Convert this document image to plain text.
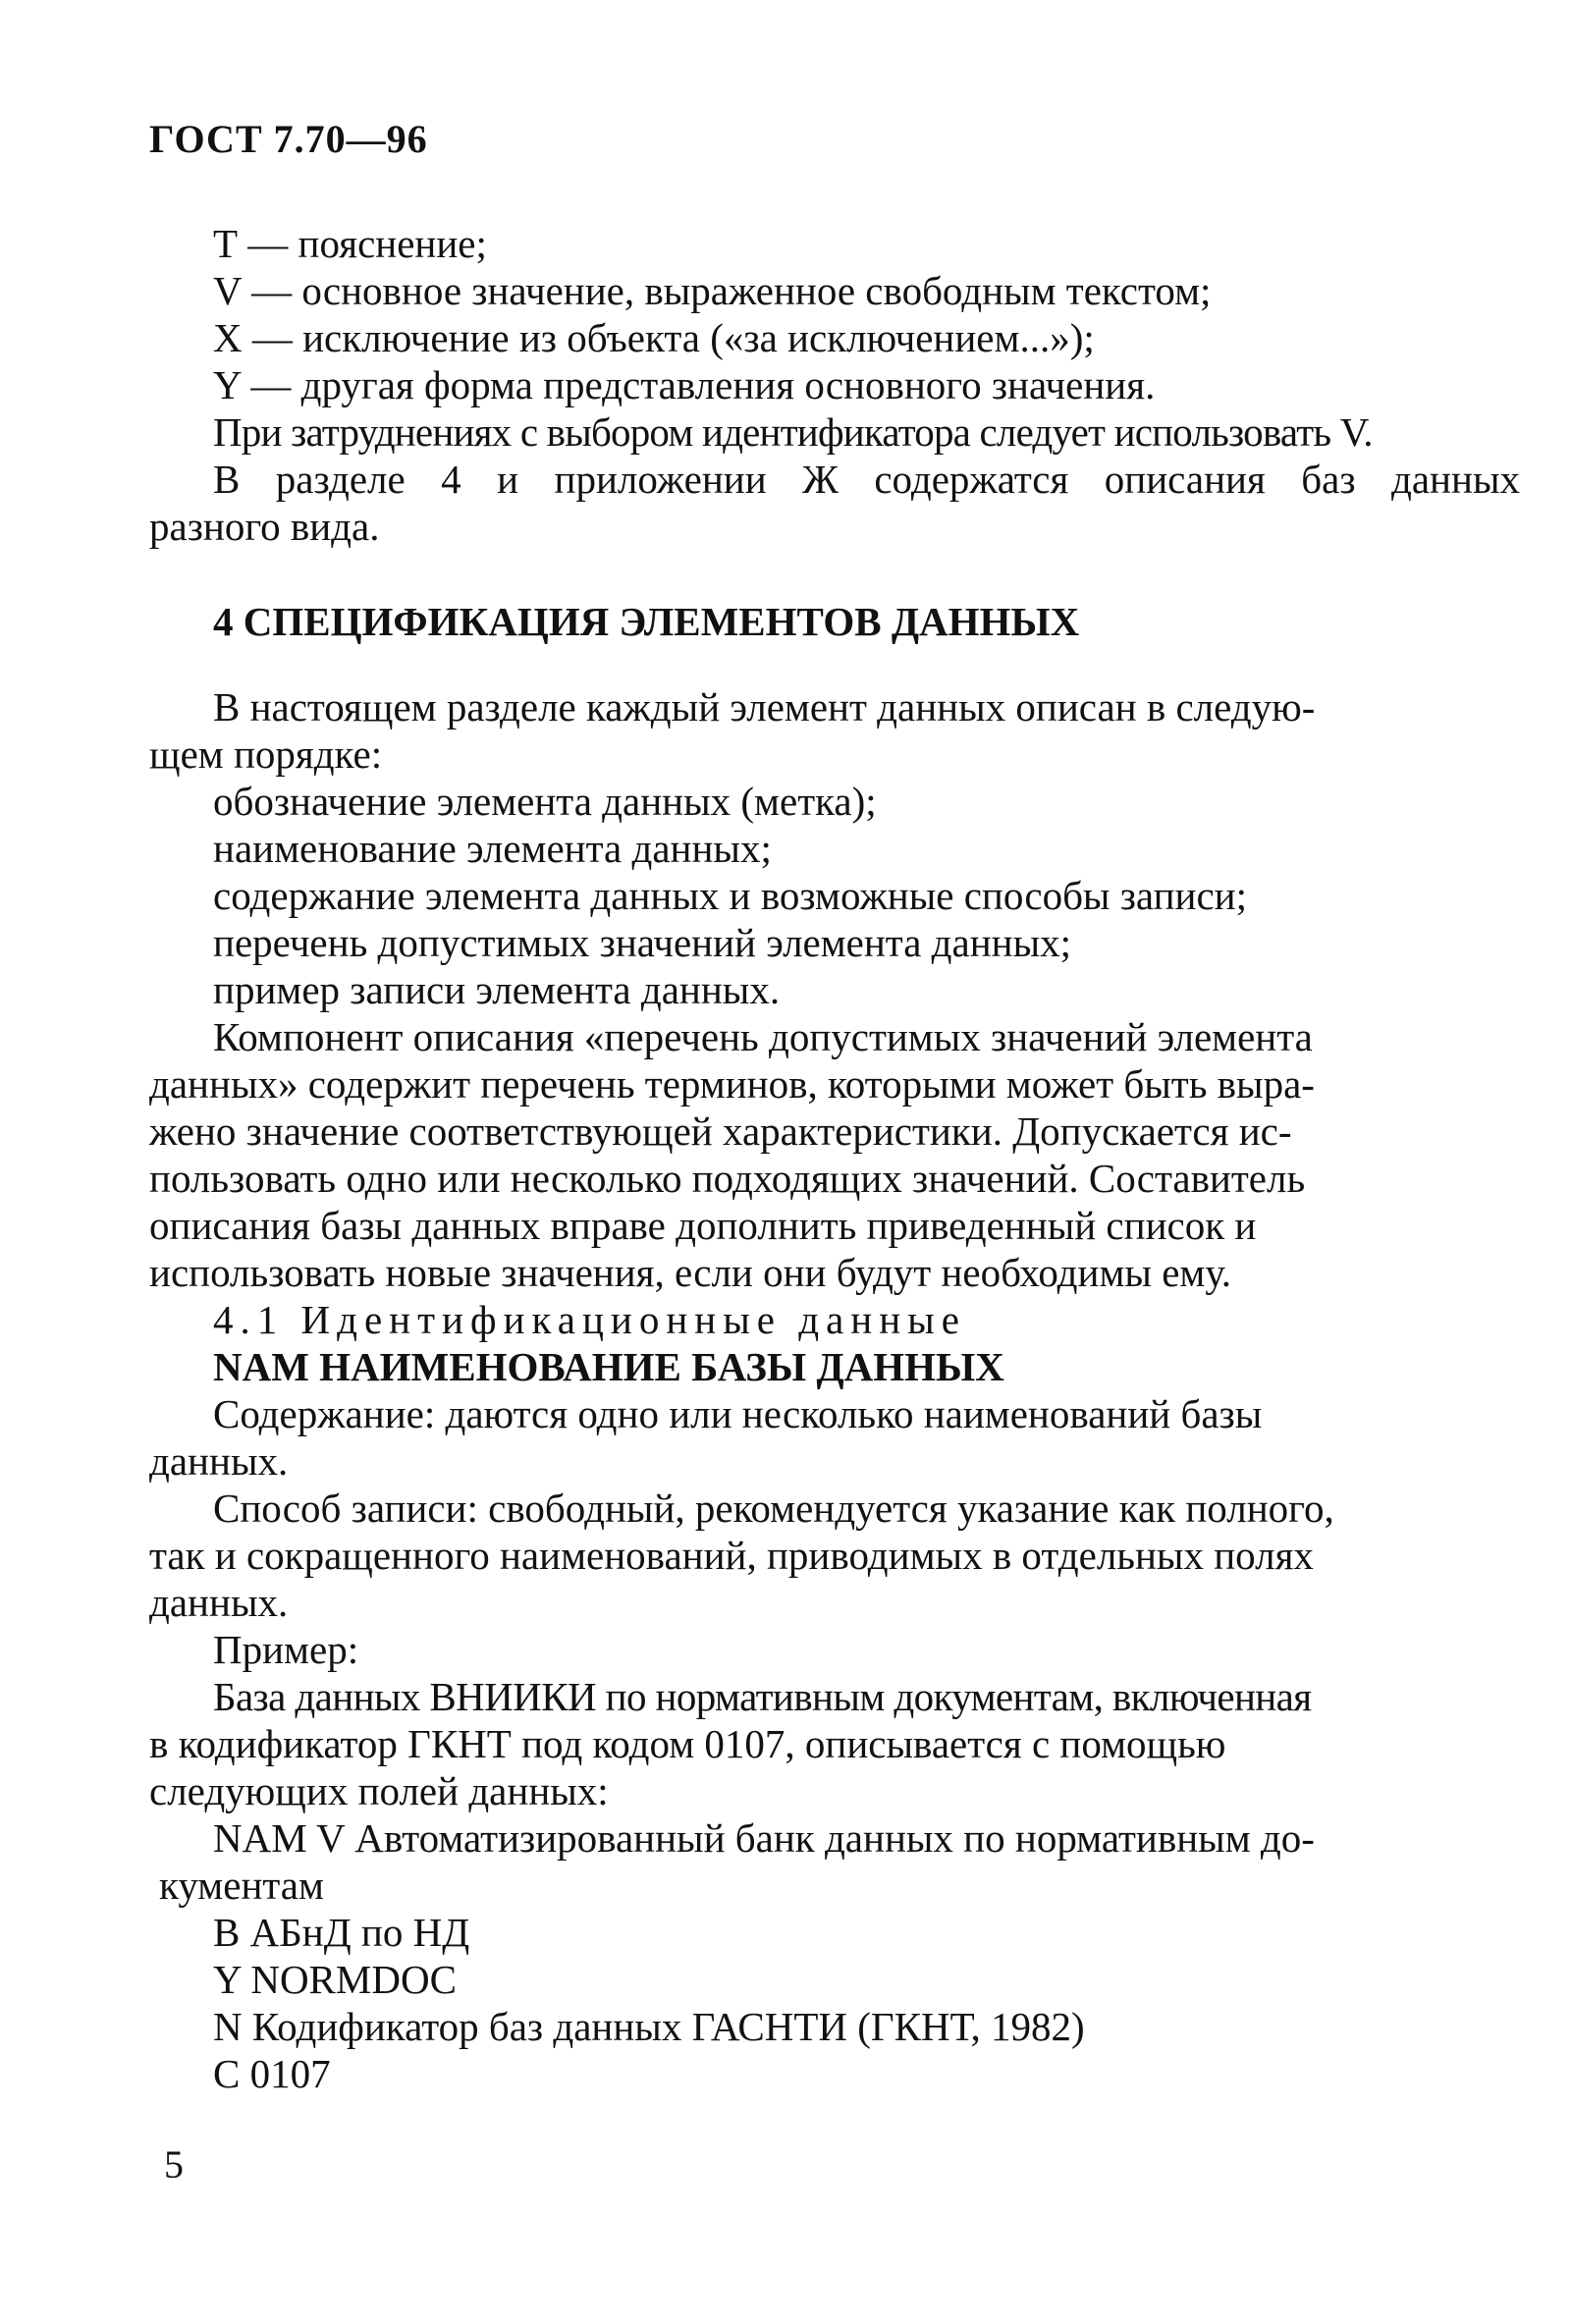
ГОСТ 7.70—96
Т — пояснение;
V — основное значение, выраженное свободным текстом;
X — исключение из объекта («за исключением...»);
Y — другая форма представления основного значения.
При затруднениях с выбором идентификатора следует использовать V.
В разделе 4 и приложении Ж содержатся описания баз данных
разного вида.
4 СПЕЦИФИКАЦИЯ ЭЛЕМЕНТОВ ДАННЫХ
В настоящем разделе каждый элемент данных описан в следую-
щем порядке:
обозначение элемента данных (метка);
наименование элемента данных;
содержание элемента данных и возможные способы записи;
перечень допустимых значений элемента данных;
пример записи элемента данных.
Компонент описания «перечень допустимых значений элемента
данных» содержит перечень терминов, которыми может быть выра-
жено значение соответствующей характеристики. Допускается ис-
пользовать одно или несколько подходящих значений. Составитель
описания базы данных вправе дополнить приведенный список и
использовать новые значения, если они будут необходимы ему.
4.1 Идентификационные данные
NAM НАИМЕНОВАНИЕ БАЗЫ ДАННЫХ
Содержание: даются одно или несколько наименований базы
данных.
Способ записи: свободный, рекомендуется указание как полного,
так и сокращенного наименований, приводимых в отдельных полях
данных.
Пример:
База данных ВНИИКИ по нормативным документам, включенная
в кодификатор ГКНТ под кодом 0107, описывается с помощью
следующих полей данных:
NAM V Автоматизированный банк данных по нормативным до-
кументам
В АБнД по НД
Y NORMDOC
N Кодификатор баз данных ГАСНТИ (ГКНТ, 1982)
С 0107
5
